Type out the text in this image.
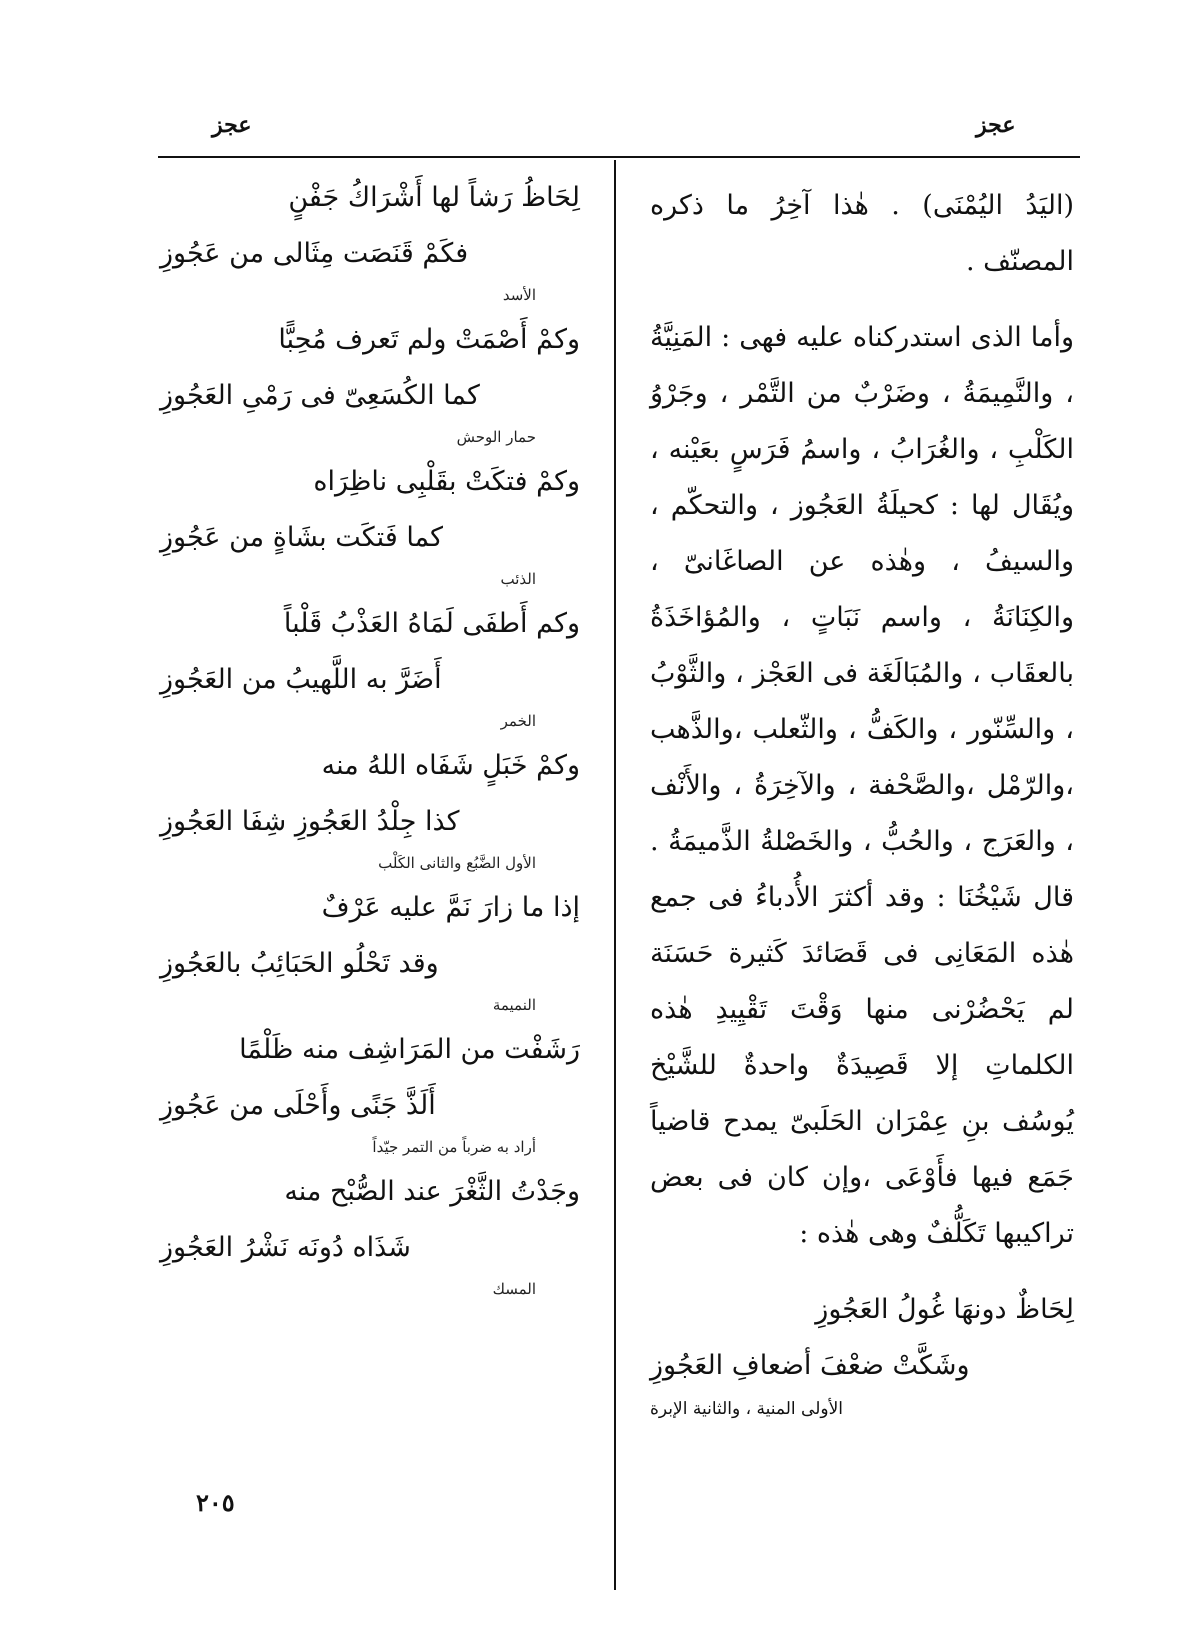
عجز
عجز

(اليَدُ اليُمْنَى) . هٰذا آخِرُ ما ذكره المصنّف .

وأما الذى استدركناه عليه فهى : المَنِيَّةُ ، والنَّمِيمَةُ ، وضَرْبٌ من التَّمْر ، وجَرْوُ الكَلْبِ ، والغُرَابُ ، واسمُ فَرَسٍ بعَيْنه ، ويُقَال لها : كحيلَةُ العَجُوز ، والتحكّم ، والسيفُ ، وهٰذه عن الصاغَانىّ ، والكِنَانَةُ ، واسم نَبَاتٍ ، والمُؤاخَذَةُ بالعقَاب ، والمُبَالَغَة فى العَجْز ، والثَّوْبُ ، والسِّنّور ، والكَفُّ ، والثّعلب ،والذَّهب ،والرّمْل ،والصَّحْفة ، والآخِرَةُ ، والأَنْف ، والعَرَج ، والحُبُّ ، والخَصْلةُ الذَّميمَةُ . قال شَيْخُنَا : وقد أكثرَ الأُدباءُ فى جمع هٰذه المَعَانِى فى قَصَائدَ كَثيرة حَسَنَة لم يَحْضُرْنى منها وَقْتَ تَقْيِيدِ هٰذه الكلماتِ إلا قَصِيدَةٌ واحدةٌ للشَّيْخ يُوسُف بنِ عِمْرَان الحَلَبىّ يمدح قاضياً جَمَع فيها فأَوْعَى ،وإن كان فى بعض تراكيبها تَكَلُّفٌ وهى هٰذه :

لِحَاظٌ دونهَا غُولُ العَجُوزِ

وشَكَّتْ ضعْفَ أضعافِ العَجُوزِ

الأولى المنية ، والثانية الإبرة

لِحَاظُ رَشاً لها أَشْرَاكُ جَفْنٍ

فكَمْ قَنَصَت مِثَالى من عَجُوزِ

الأسد

وكمْ أَصْمَتْ ولم تَعرف مُحِبًّا

كما الكُسَعِىّ فى رَمْىِ العَجُوزِ

حمار الوحش

وكمْ فتكَتْ بقَلْبِى ناظِرَاه

كما فَتكَت بشَاةٍ من عَجُوزِ

الذئب

وكم أَطفَى لَمَاهُ العَذْبُ قَلْباً

أَضَرَّ به اللَّهيبُ من العَجُوزِ

الخمر

وكمْ خَبَلٍ شَفَاه اللهُ منه

كذا جِلْدُ العَجُوزِ شِفَا العَجُوزِ

الأول الضَّبُع والثانى الكَلْب

إذا ما زارَ نَمَّ عليه عَرْفٌ

وقد تَحْلُو الحَبَائِبُ بالعَجُوزِ

النميمة

رَشَفْت من المَرَاشِف منه ظَلْمًا

أَلَذَّ جَنًى وأَحْلَى من عَجُوزِ

أراد به ضرباً من التمر جيّداً

وجَدْتُ الثَّغْرَ عند الصُّبْح منه

شَذَاه دُونَه نَشْرُ العَجُوزِ

المسك

٢٠٥
